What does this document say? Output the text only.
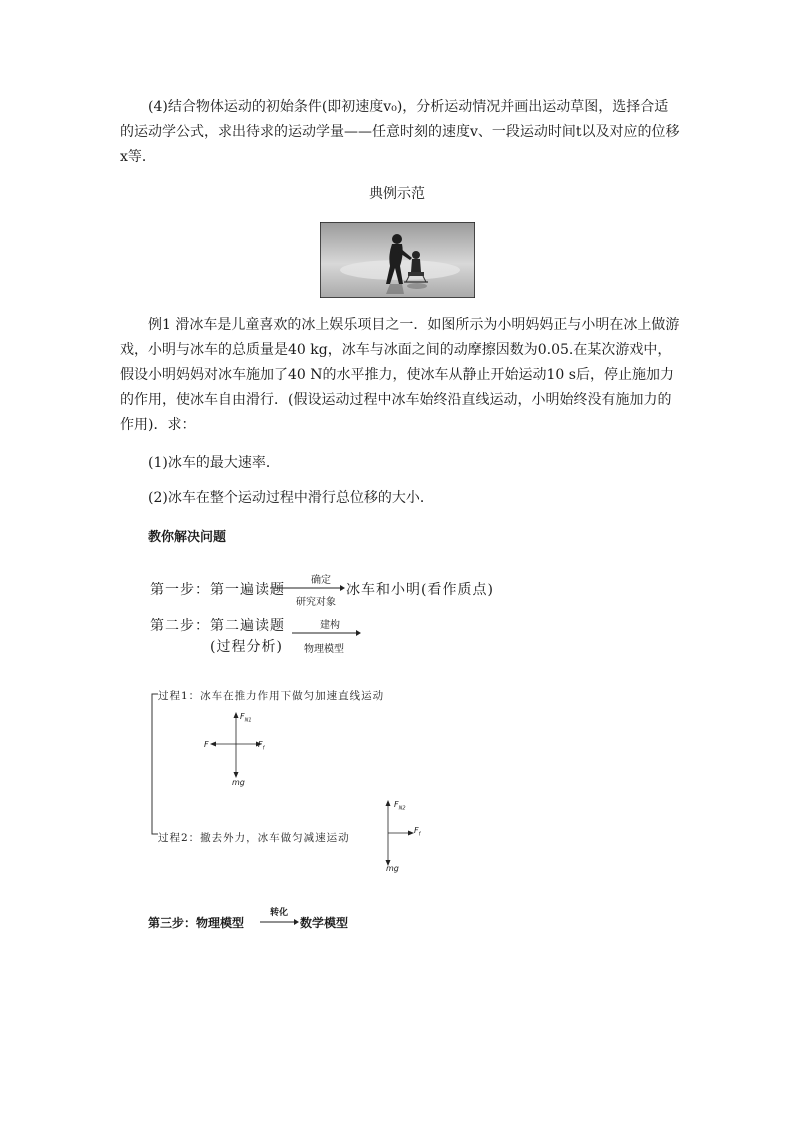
(4)结合物体运动的初始条件(即初速度v₀)，分析运动情况并画出运动草图，选择合适的运动学公式，求出待求的运动学量——任意时刻的速度v、一段运动时间t以及对应的位移x等．
典例示范
例1 滑冰车是儿童喜欢的冰上娱乐项目之一．如图所示为小明妈妈正与小明在冰上做游戏，小明与冰车的总质量是40 kg，冰车与冰面之间的动摩擦因数为0.05.在某次游戏中，假设小明妈妈对冰车施加了40 N的水平推力，使冰车从静止开始运动10 s后，停止施加力的作用，使冰车自由滑行．(假设运动过程中冰车始终沿直线运动，小明始终没有施加力的作用)．求：
(1)冰车的最大速率．
(2)冰车在整个运动过程中滑行总位移的大小．
教你解决问题
第一步：第一遍读题
确定
研究对象
冰车和小明(看作质点)
第二步：第二遍读题
(过程分析)
建构
物理模型
过程1：冰车在推力作用下做匀加速直线运动
过程2：撤去外力，冰车做匀减速运动
$F_{N1}$
F	$F_f$
mg
$F_{N2}$
$F_f$
mg
第三步：物理模型
转化
数学模型
